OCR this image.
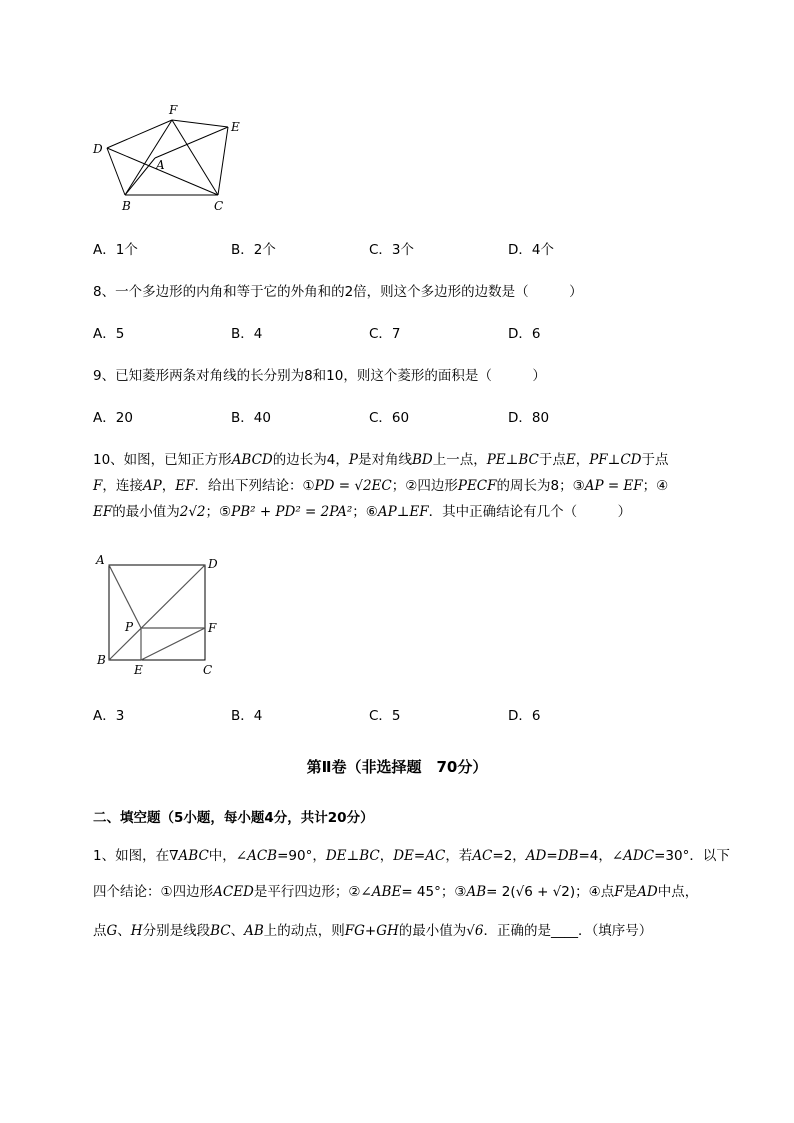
F
E
D
A
B	C
A．1个	B．2个	C．3个	D．4个
8、一个多边形的内角和等于它的外角和的2倍，则这个多边形的边数是（　　　）
A．5	B．4	C．7	D．6
9、已知菱形两条对角线的长分别为8和10，则这个菱形的面积是（　　　）
A．20	B．40	C．60	D．80
10、如图，已知正方形ABCD的边长为4，P是对角线BD上一点，PE⊥BC于点E，PF⊥CD于点
F，连接AP，EF．给出下列结论：①PD = √2EC；②四边形PECF的周长为8；③AP = EF；④
EF的最小值为2√2；⑤PB² + PD² = 2PA²；⑥AP⊥EF．其中正确结论有几个（　　　）
A	D
P	F
B
E	C
A．3	B．4	C．5	D．6
第Ⅱ卷（非选择题　70分）
二、填空题（5小题，每小题4分，共计20分）
1、如图，在∇ABC中，∠ACB=90°，DE⊥BC，DE=AC，若AC=2，AD=DB=4，∠ADC=30°．以下
四个结论：①四边形ACED是平行四边形；②∠ABE= 45°；③AB= 2(√6 + √2)；④点F是AD中点，
点G、H分别是线段BC、AB上的动点，则FG+GH的最小值为√6．正确的是____．（填序号）
